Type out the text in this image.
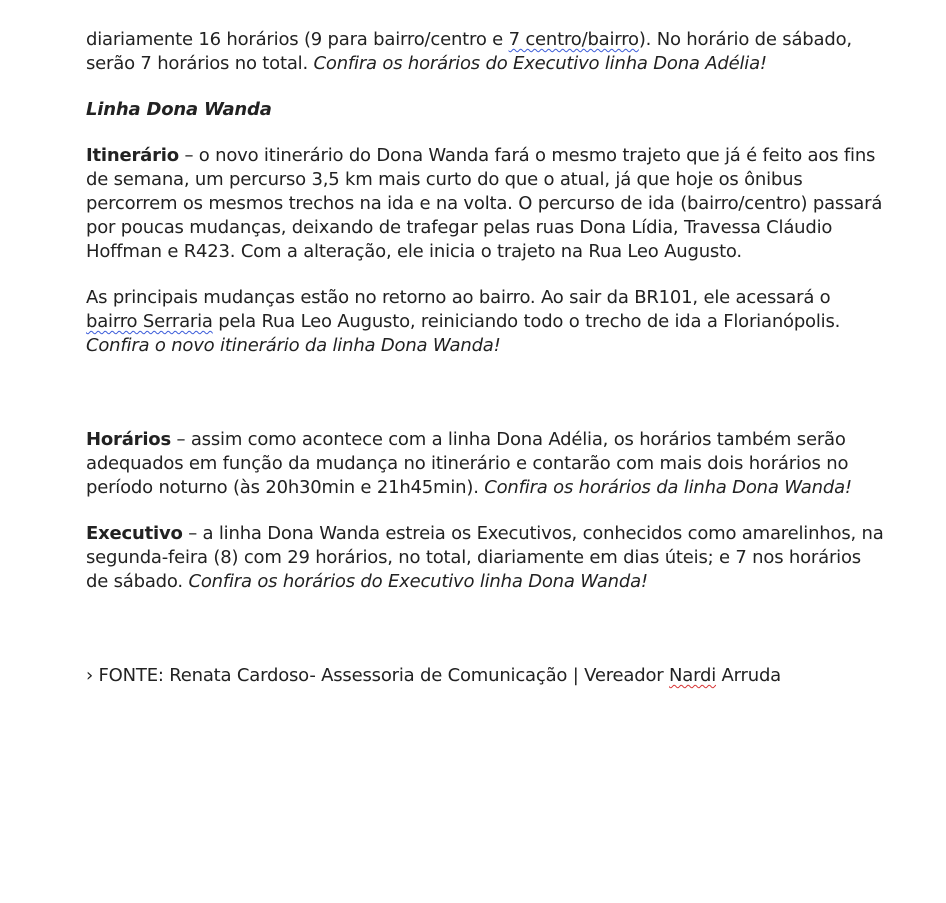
diariamente 16 horários (9 para bairro/centro e 7 centro/bairro). No horário de sábado, serão 7 horários no total. Confira os horários do Executivo linha Dona Adélia!

Linha Dona Wanda

Itinerário – o novo itinerário do Dona Wanda fará o mesmo trajeto que já é feito aos fins de semana, um percurso 3,5 km mais curto do que o atual, já que hoje os ônibus percorrem os mesmos trechos na ida e na volta. O percurso de ida (bairro/centro) passará por poucas mudanças, deixando de trafegar pelas ruas Dona Lídia, Travessa Cláudio Hoffman e R423. Com a alteração, ele inicia o trajeto na Rua Leo Augusto.

As principais mudanças estão no retorno ao bairro. Ao sair da BR101, ele acessará o bairro Serraria pela Rua Leo Augusto, reiniciando todo o trecho de ida a Florianópolis. Confira o novo itinerário da linha Dona Wanda!

Horários – assim como acontece com a linha Dona Adélia, os horários também serão adequados em função da mudança no itinerário e contarão com mais dois horários no período noturno (às 20h30min e 21h45min). Confira os horários da linha Dona Wanda!

Executivo – a linha Dona Wanda estreia os Executivos, conhecidos como amarelinhos, na segunda-feira (8) com 29 horários, no total, diariamente em dias úteis; e 7 nos horários de sábado. Confira os horários do Executivo linha Dona Wanda!

› FONTE: Renata Cardoso- Assessoria de Comunicação | Vereador Nardi Arruda
